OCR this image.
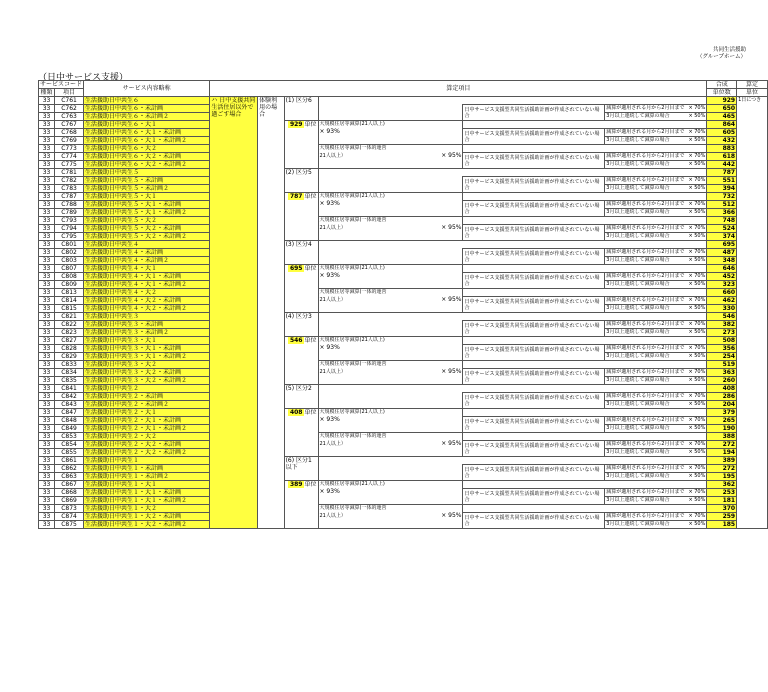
共同生活援助
（グループホーム）
（日中サービス支援）
サービスコード		サービス内容略称	算定項目						合成	算定
種類	項目								単位数	単位
33	C761	生活援助日中共生６	ハ 日中支援共同生活住居以外で過ごす場合	体験利用の場合	(1) 区分6				929	1日につき
33	C762	生活援助日中共生６・未計画					日中サービス支援型共同生活援助計画が作成されていない場合	減算が適用される月から2月目まで × 70%	650	
33	C763	生活援助日中共生６・未計画２						3月以上連続して減算の場合 × 50%	465	
33	C767	生活援助日中共生６・大１			929 単位	大規模住居等減算(21人以上)
× 93%			864	
33	C768	生活援助日中共生６・大１・未計画					日中サービス支援型共同生活援助計画が作成されていない場合	減算が適用される月から2月目まで × 70%	605	
33	C769	生活援助日中共生６・大１・未計画２						3月以上連続して減算の場合 × 50%	432	
33	C773	生活援助日中共生６・大２				大規模住居等減算(一体的運営
21人以上） × 95%			883	
33	C774	生活援助日中共生６・大２・未計画					日中サービス支援型共同生活援助計画が作成されていない場合	減算が適用される月から2月目まで × 70%	618	
33	C775	生活援助日中共生６・大２・未計画２						3月以上連続して減算の場合 × 50%	442	
33	C781	生活援助日中共生５			(2) 区分5				787	
33	C782	生活援助日中共生５・未計画					日中サービス支援型共同生活援助計画が作成されていない場合	減算が適用される月から2月目まで × 70%	551	
33	C783	生活援助日中共生５・未計画２						3月以上連続して減算の場合 × 50%	394	
33	C787	生活援助日中共生５・大１			787 単位	大規模住居等減算(21人以上)
× 93%			732	
33	C788	生活援助日中共生５・大１・未計画					日中サービス支援型共同生活援助計画が作成されていない場合	減算が適用される月から2月目まで × 70%	512	
33	C789	生活援助日中共生５・大１・未計画２						3月以上連続して減算の場合 × 50%	366	
33	C793	生活援助日中共生５・大２				大規模住居等減算(一体的運営
21人以上） × 95%			748	
33	C794	生活援助日中共生５・大２・未計画					日中サービス支援型共同生活援助計画が作成されていない場合	減算が適用される月から2月目まで × 70%	524	
33	C795	生活援助日中共生５・大２・未計画２						3月以上連続して減算の場合 × 50%	374	
33	C801	生活援助日中共生４			(3) 区分4				695	
33	C802	生活援助日中共生４・未計画					日中サービス支援型共同生活援助計画が作成されていない場合	減算が適用される月から2月目まで × 70%	487	
33	C803	生活援助日中共生４・未計画２						3月以上連続して減算の場合 × 50%	348	
33	C807	生活援助日中共生４・大１			695 単位	大規模住居等減算(21人以上)
× 93%			646	
33	C808	生活援助日中共生４・大１・未計画					日中サービス支援型共同生活援助計画が作成されていない場合	減算が適用される月から2月目まで × 70%	452	
33	C809	生活援助日中共生４・大１・未計画２						3月以上連続して減算の場合 × 50%	323	
33	C813	生活援助日中共生４・大２				大規模住居等減算(一体的運営
21人以上） × 95%			660	
33	C814	生活援助日中共生４・大２・未計画					日中サービス支援型共同生活援助計画が作成されていない場合	減算が適用される月から2月目まで × 70%	462	
33	C815	生活援助日中共生４・大２・未計画２						3月以上連続して減算の場合 × 50%	330	
33	C821	生活援助日中共生３			(4) 区分3				546	
33	C822	生活援助日中共生３・未計画					日中サービス支援型共同生活援助計画が作成されていない場合	減算が適用される月から2月目まで × 70%	382	
33	C823	生活援助日中共生３・未計画２						3月以上連続して減算の場合 × 50%	273	
33	C827	生活援助日中共生３・大１			546 単位	大規模住居等減算(21人以上)
× 93%			508	
33	C828	生活援助日中共生３・大１・未計画					日中サービス支援型共同生活援助計画が作成されていない場合	減算が適用される月から2月目まで × 70%	356	
33	C829	生活援助日中共生３・大１・未計画２						3月以上連続して減算の場合 × 50%	254	
33	C833	生活援助日中共生３・大２				大規模住居等減算(一体的運営
21人以上） × 95%			519	
33	C834	生活援助日中共生３・大２・未計画					日中サービス支援型共同生活援助計画が作成されていない場合	減算が適用される月から2月目まで × 70%	363	
33	C835	生活援助日中共生３・大２・未計画２						3月以上連続して減算の場合 × 50%	260	
33	C841	生活援助日中共生２			(5) 区分2				408	
33	C842	生活援助日中共生２・未計画					日中サービス支援型共同生活援助計画が作成されていない場合	減算が適用される月から2月目まで × 70%	286	
33	C843	生活援助日中共生２・未計画２						3月以上連続して減算の場合 × 50%	204	
33	C847	生活援助日中共生２・大１			408 単位	大規模住居等減算(21人以上)
× 93%			379	
33	C848	生活援助日中共生２・大１・未計画					日中サービス支援型共同生活援助計画が作成されていない場合	減算が適用される月から2月目まで × 70%	265	
33	C849	生活援助日中共生２・大１・未計画２						3月以上連続して減算の場合 × 50%	190	
33	C853	生活援助日中共生２・大２				大規模住居等減算(一体的運営
21人以上） × 95%			388	
33	C854	生活援助日中共生２・大２・未計画					日中サービス支援型共同生活援助計画が作成されていない場合	減算が適用される月から2月目まで × 70%	272	
33	C855	生活援助日中共生２・大２・未計画２						3月以上連続して減算の場合 × 50%	194	
33	C861	生活援助日中共生１			(6) 区分1以下				389	
33	C862	生活援助日中共生１・未計画					日中サービス支援型共同生活援助計画が作成されていない場合	減算が適用される月から2月目まで × 70%	272	
33	C863	生活援助日中共生１・未計画２						3月以上連続して減算の場合 × 50%	195	
33	C867	生活援助日中共生１・大１			389 単位	大規模住居等減算(21人以上)
× 93%			362	
33	C868	生活援助日中共生１・大１・未計画					日中サービス支援型共同生活援助計画が作成されていない場合	減算が適用される月から2月目まで × 70%	253	
33	C869	生活援助日中共生１・大１・未計画２						3月以上連続して減算の場合 × 50%	181	
33	C873	生活援助日中共生１・大２				大規模住居等減算(一体的運営
21人以上） × 95%			370	
33	C874	生活援助日中共生１・大２・未計画					日中サービス支援型共同生活援助計画が作成されていない場合	減算が適用される月から2月目まで × 70%	259	
33	C875	生活援助日中共生１・大２・未計画２						3月以上連続して減算の場合 × 50%	185	
